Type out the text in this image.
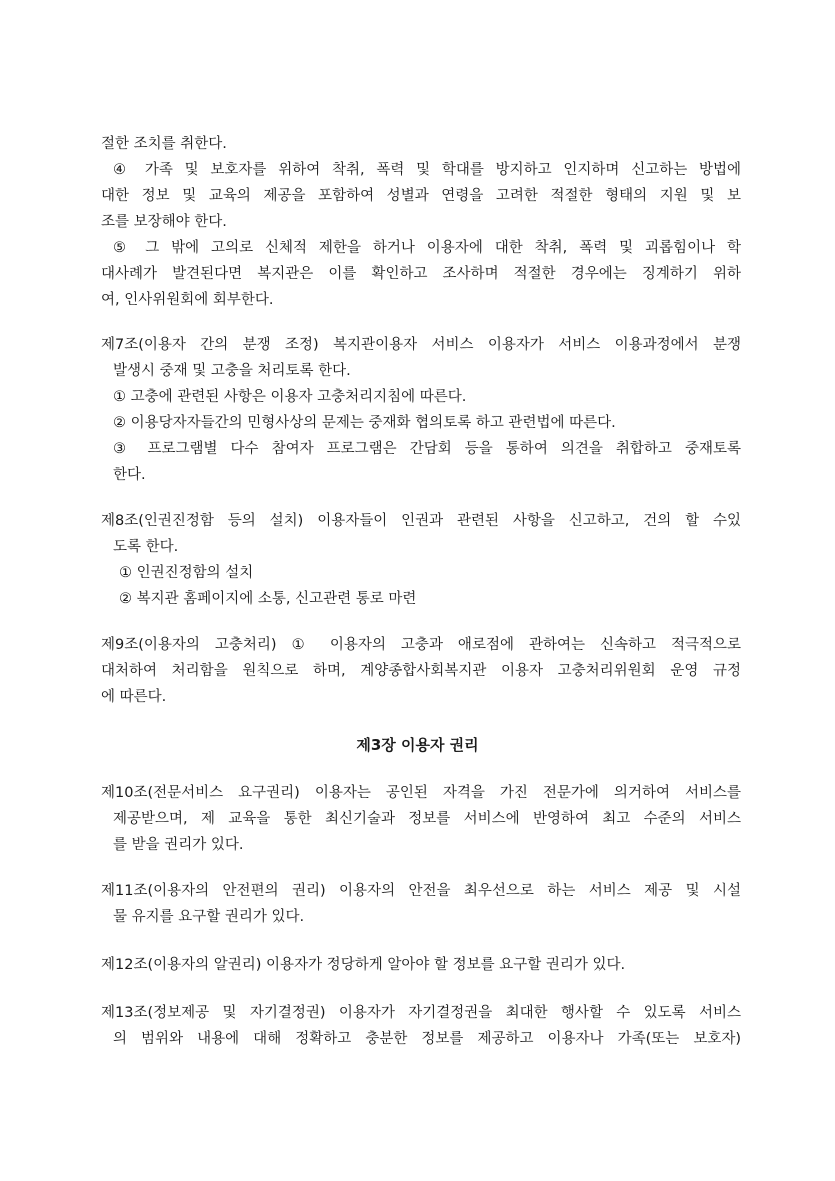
절한 조치를 취한다.
④ 가족 및 보호자를 위하여 착취, 폭력 및 학대를 방지하고 인지하며 신고하는 방법에
대한 정보 및 교육의 제공을 포함하여 성별과 연령을 고려한 적절한 형태의 지원 및 보
조를 보장해야 한다.
⑤ 그 밖에 고의로 신체적 제한을 하거나 이용자에 대한 착취, 폭력 및 괴롭힘이나 학
대사례가 발견된다면 복지관은 이를 확인하고 조사하며 적절한 경우에는 징계하기 위하
여, 인사위원회에 회부한다.
제7조(이용자 간의 분쟁 조정) 복지관이용자 서비스 이용자가 서비스 이용과정에서 분쟁
발생시 중재 및 고충을 처리토록 한다.
① 고충에 관련된 사항은 이용자 고충처리지침에 따른다.
② 이용당자자들간의 민형사상의 문제는 중재화 협의토록 하고 관련법에 따른다.
③ 프로그램별 다수 참여자 프로그램은 간담회 등을 통하여 의견을 취합하고 중재토록
한다.
제8조(인권진정함 등의 설치) 이용자들이 인권과 관련된 사항을 신고하고, 건의 할 수있
도록 한다.
① 인권진정함의 설치
② 복지관 홈페이지에 소통, 신고관련 통로 마련
제9조(이용자의 고충처리) ① 이용자의 고충과 애로점에 관하여는 신속하고 적극적으로
대처하여 처리함을 원칙으로 하며, 계양종합사회복지관 이용자 고충처리위원회 운영 규정
에 따른다.
제3장 이용자 권리
제10조(전문서비스 요구권리) 이용자는 공인된 자격을 가진 전문가에 의거하여 서비스를
제공받으며, 제 교육을 통한 최신기술과 정보를 서비스에 반영하여 최고 수준의 서비스
를 받을 권리가 있다.
제11조(이용자의 안전편의 권리) 이용자의 안전을 최우선으로 하는 서비스 제공 및 시설
물 유지를 요구할 권리가 있다.
제12조(이용자의 알권리) 이용자가 정당하게 알아야 할 정보를 요구할 권리가 있다.
제13조(정보제공 및 자기결정권) 이용자가 자기결정권을 최대한 행사할 수 있도록 서비스
의 범위와 내용에 대해 정확하고 충분한 정보를 제공하고 이용자나 가족(또는 보호자)
